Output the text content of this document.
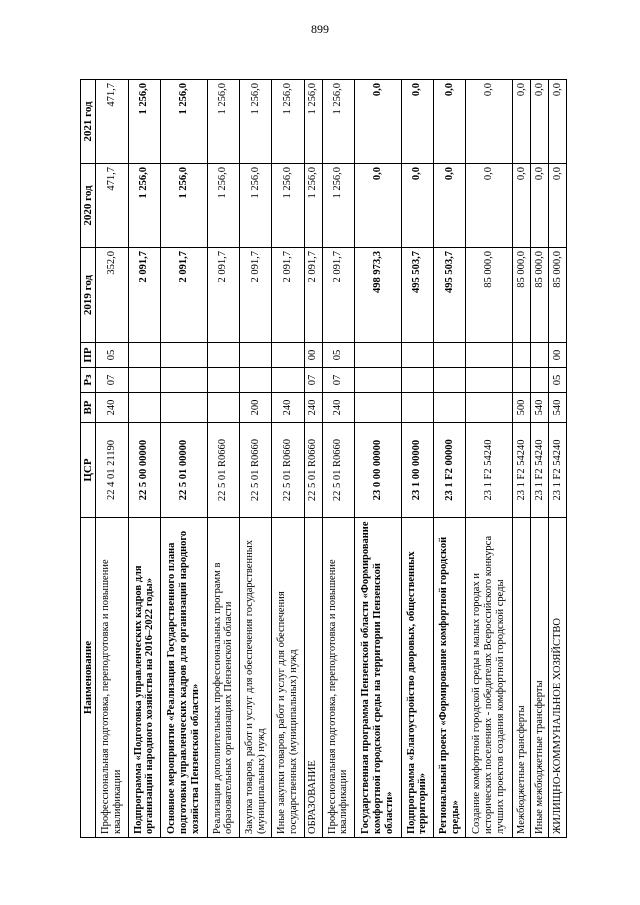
899
Наименование	ЦСР	ВР	Рз	ПР	2019 год	2020 год	2021 год
Профессиональная подготовка, переподготовка и повышение квалификации	22 4 01 21190	240	07	05	352,0	471,7	471,7
Подпрограмма «Подготовка управленческих кадров для организаций народного хозяйства на 2016–2022 годы»	22 5 00 00000				2 091,7	1 256,0	1 256,0
Основное мероприятие «Реализация Государственного плана подготовки управленческих кадров для организаций народного хозяйства Пензенской области»	22 5 01 00000				2 091,7	1 256,0	1 256,0
Реализация дополнительных профессиональных программ в образовательных организациях Пензенской области	22 5 01 R0660				2 091,7	1 256,0	1 256,0
Закупка товаров, работ и услуг для обеспечения государственных (муниципальных) нужд	22 5 01 R0660	200			2 091,7	1 256,0	1 256,0
Иные закупки товаров, работ и услуг для обеспечения государственных (муниципальных) нужд	22 5 01 R0660	240			2 091,7	1 256,0	1 256,0
ОБРАЗОВАНИЕ	22 5 01 R0660	240	07	00	2 091,7	1 256,0	1 256,0
Профессиональная подготовка, переподготовка и повышение квалификации	22 5 01 R0660	240	07	05	2 091,7	1 256,0	1 256,0
Государственная программа Пензенской области «Формирование комфортной городской среды на территории Пензенской области»	23 0 00 00000				498 973,3	0,0	0,0
Подпрограмма «Благоустройство дворовых, общественных территорий»	23 1 00 00000				495 503,7	0,0	0,0
Региональный проект «Формирование комфортной городской среды»	23 1 F2 00000				495 503,7	0,0	0,0
Создание комфортной городской среды в малых городах и исторических поселениях - победителях Всероссийского конкурса лучших проектов создания комфортной городской среды	23 1 F2 54240				85 000,0	0,0	0,0
Межбюджетные трансферты	23 1 F2 54240	500			85 000,0	0,0	0,0
Иные межбюджетные трансферты	23 1 F2 54240	540			85 000,0	0,0	0,0
ЖИЛИЩНО-КОММУНАЛЬНОЕ ХОЗЯЙСТВО	23 1 F2 54240	540	05	00	85 000,0	0,0	0,0
